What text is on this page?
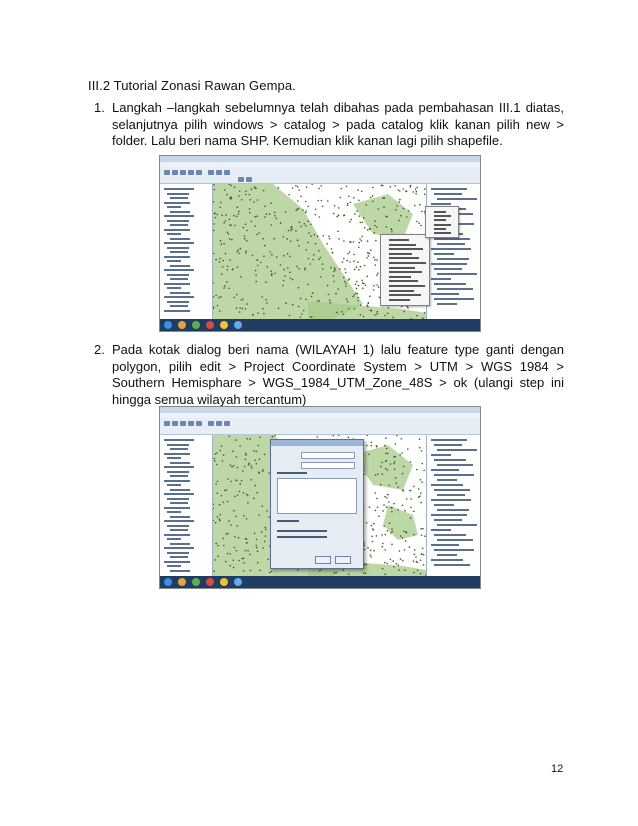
III.2 Tutorial Zonasi Rawan Gempa.
1. Langkah –langkah sebelumnya telah dibahas pada pembahasan III.1 diatas, selanjutnya pilih windows > catalog > pada catalog klik kanan pilih new > folder. Lalu beri nama SHP. Kemudian klik kanan lagi pilih shapefile.
2. Pada kotak dialog beri nama (WILAYAH 1) lalu feature type ganti dengan polygon, pilih edit > Project Coordinate System > UTM > WGS 1984 > Southern Hemisphare > WGS_1984_UTM_Zone_48S > ok (ulangi step ini hingga semua wilayah tercantum)
12
